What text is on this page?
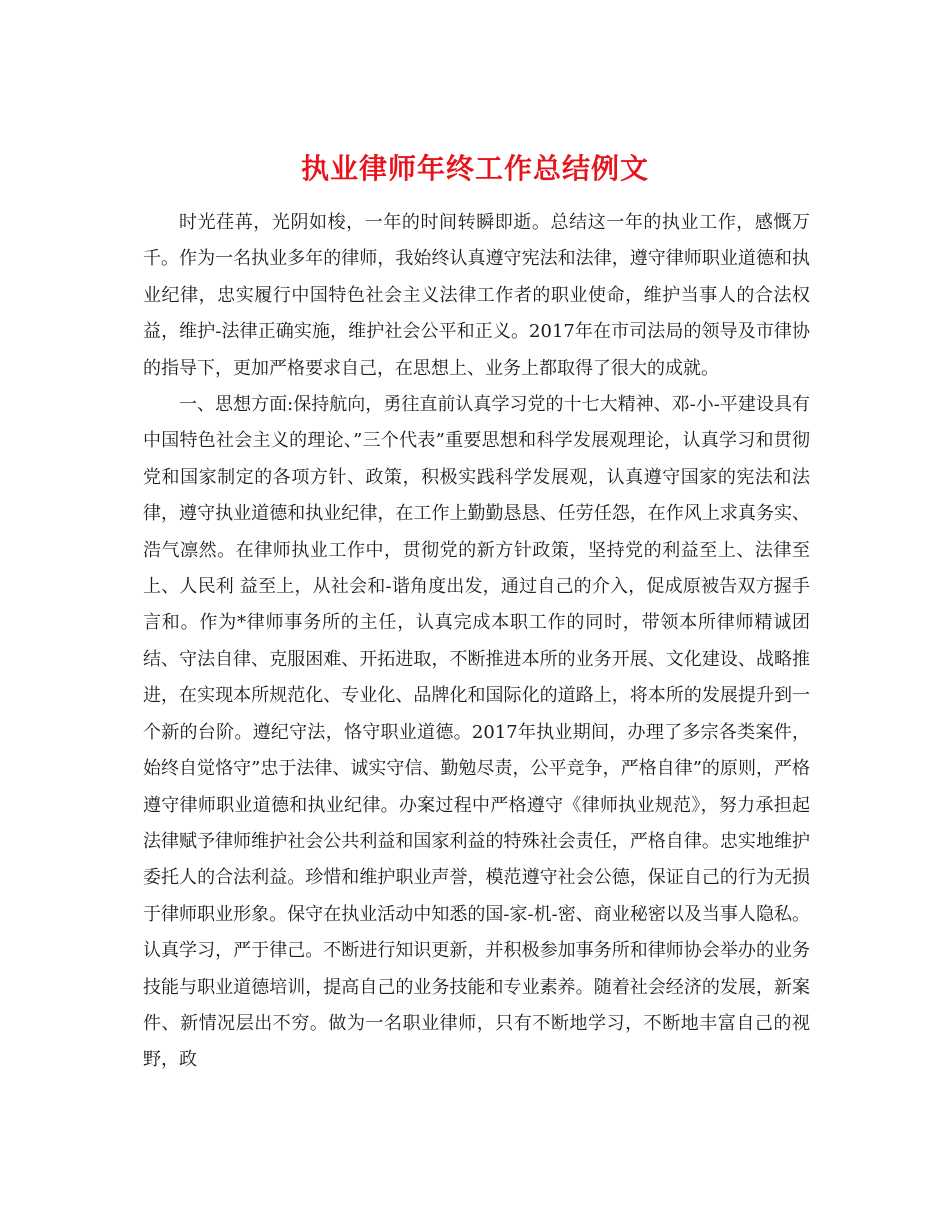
执业律师年终工作总结例文

时光荏苒，光阴如梭，一年的时间转瞬即逝。总结这一年的执业工作，感慨万千。作为一名执业多年的律师，我始终认真遵守宪法和法律，遵守律师职业道德和执业纪律，忠实履行中国特色社会主义法律工作者的职业使命，维护当事人的合法权益，维护-法律正确实施，维护社会公平和正义。2017年在市司法局的领导及市律协的指导下，更加严格要求自己，在思想上、业务上都取得了很大的成就。

一、思想方面:保持航向，勇往直前认真学习党的十七大精神、邓-小-平建设具有中国特色社会主义的理论、”三个代表”重要思想和科学发展观理论，认真学习和贯彻党和国家制定的各项方针、政策，积极实践科学发展观，认真遵守国家的宪法和法律，遵守执业道德和执业纪律，在工作上勤勤恳恳、任劳任怨，在作风上求真务实、浩气凛然。在律师执业工作中，贯彻党的新方针政策，坚持党的利益至上、法律至上、人民利 益至上，从社会和-谐角度出发，通过自己的介入，促成原被告双方握手言和。作为*律师事务所的主任，认真完成本职工作的同时，带领本所律师精诚团结、守法自律、克服困难、开拓进取，不断推进本所的业务开展、文化建设、战略推进，在实现本所规范化、专业化、品牌化和国际化的道路上，将本所的发展提升到一个新的台阶。遵纪守法，恪守职业道德。2017年执业期间，办理了多宗各类案件，始终自觉恪守”忠于法律、诚实守信、勤勉尽责，公平竞争，严格自律”的原则，严格遵守律师职业道德和执业纪律。办案过程中严格遵守《律师执业规范》，努力承担起法律赋予律师维护社会公共利益和国家利益的特殊社会责任，严格自律。忠实地维护委托人的合法利益。珍惜和维护职业声誉，模范遵守社会公德，保证自己的行为无损于律师职业形象。保守在执业活动中知悉的国-家-机-密、商业秘密以及当事人隐私。认真学习，严于律己。不断进行知识更新，并积极参加事务所和律师协会举办的业务技能与职业道德培训，提高自己的业务技能和专业素养。随着社会经济的发展，新案件、新情况层出不穷。做为一名职业律师，只有不断地学习，不断地丰富自己的视野，政
